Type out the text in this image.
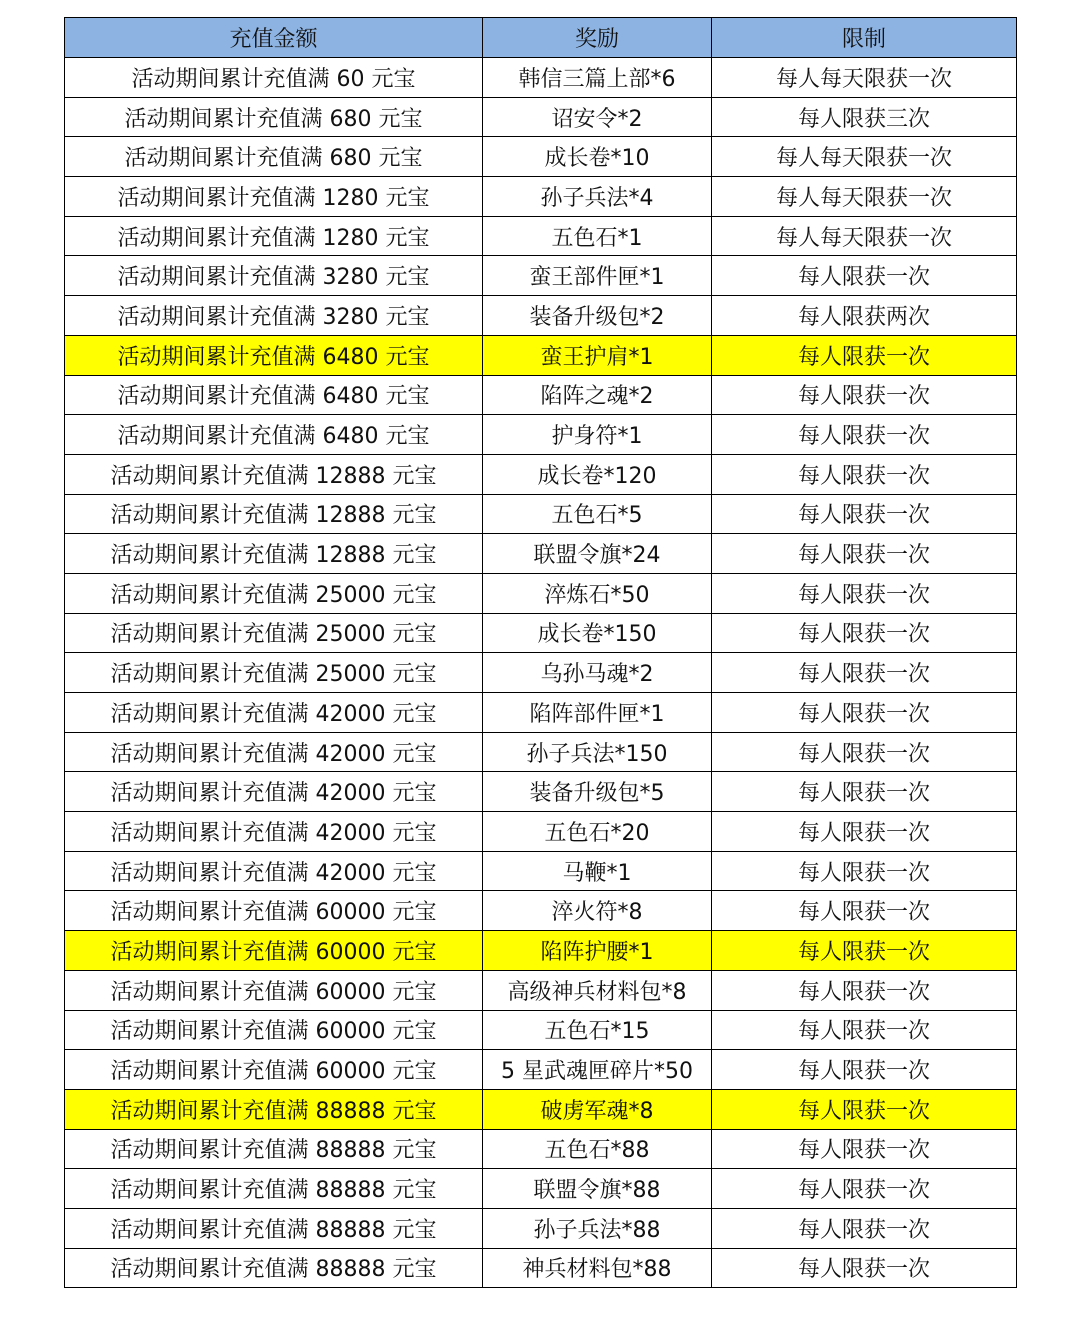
充值金额	奖励	限制
活动期间累计充值满 60 元宝	韩信三篇上部*6	每人每天限获一次
活动期间累计充值满 680 元宝	诏安令*2	每人限获三次
活动期间累计充值满 680 元宝	成长卷*10	每人每天限获一次
活动期间累计充值满 1280 元宝	孙子兵法*4	每人每天限获一次
活动期间累计充值满 1280 元宝	五色石*1	每人每天限获一次
活动期间累计充值满 3280 元宝	蛮王部件匣*1	每人限获一次
活动期间累计充值满 3280 元宝	装备升级包*2	每人限获两次
活动期间累计充值满 6480 元宝	蛮王护肩*1	每人限获一次
活动期间累计充值满 6480 元宝	陷阵之魂*2	每人限获一次
活动期间累计充值满 6480 元宝	护身符*1	每人限获一次
活动期间累计充值满 12888 元宝	成长卷*120	每人限获一次
活动期间累计充值满 12888 元宝	五色石*5	每人限获一次
活动期间累计充值满 12888 元宝	联盟令旗*24	每人限获一次
活动期间累计充值满 25000 元宝	淬炼石*50	每人限获一次
活动期间累计充值满 25000 元宝	成长卷*150	每人限获一次
活动期间累计充值满 25000 元宝	乌孙马魂*2	每人限获一次
活动期间累计充值满 42000 元宝	陷阵部件匣*1	每人限获一次
活动期间累计充值满 42000 元宝	孙子兵法*150	每人限获一次
活动期间累计充值满 42000 元宝	装备升级包*5	每人限获一次
活动期间累计充值满 42000 元宝	五色石*20	每人限获一次
活动期间累计充值满 42000 元宝	马鞭*1	每人限获一次
活动期间累计充值满 60000 元宝	淬火符*8	每人限获一次
活动期间累计充值满 60000 元宝	陷阵护腰*1	每人限获一次
活动期间累计充值满 60000 元宝	高级神兵材料包*8	每人限获一次
活动期间累计充值满 60000 元宝	五色石*15	每人限获一次
活动期间累计充值满 60000 元宝	5 星武魂匣碎片*50	每人限获一次
活动期间累计充值满 88888 元宝	破虏军魂*8	每人限获一次
活动期间累计充值满 88888 元宝	五色石*88	每人限获一次
活动期间累计充值满 88888 元宝	联盟令旗*88	每人限获一次
活动期间累计充值满 88888 元宝	孙子兵法*88	每人限获一次
活动期间累计充值满 88888 元宝	神兵材料包*88	每人限获一次
